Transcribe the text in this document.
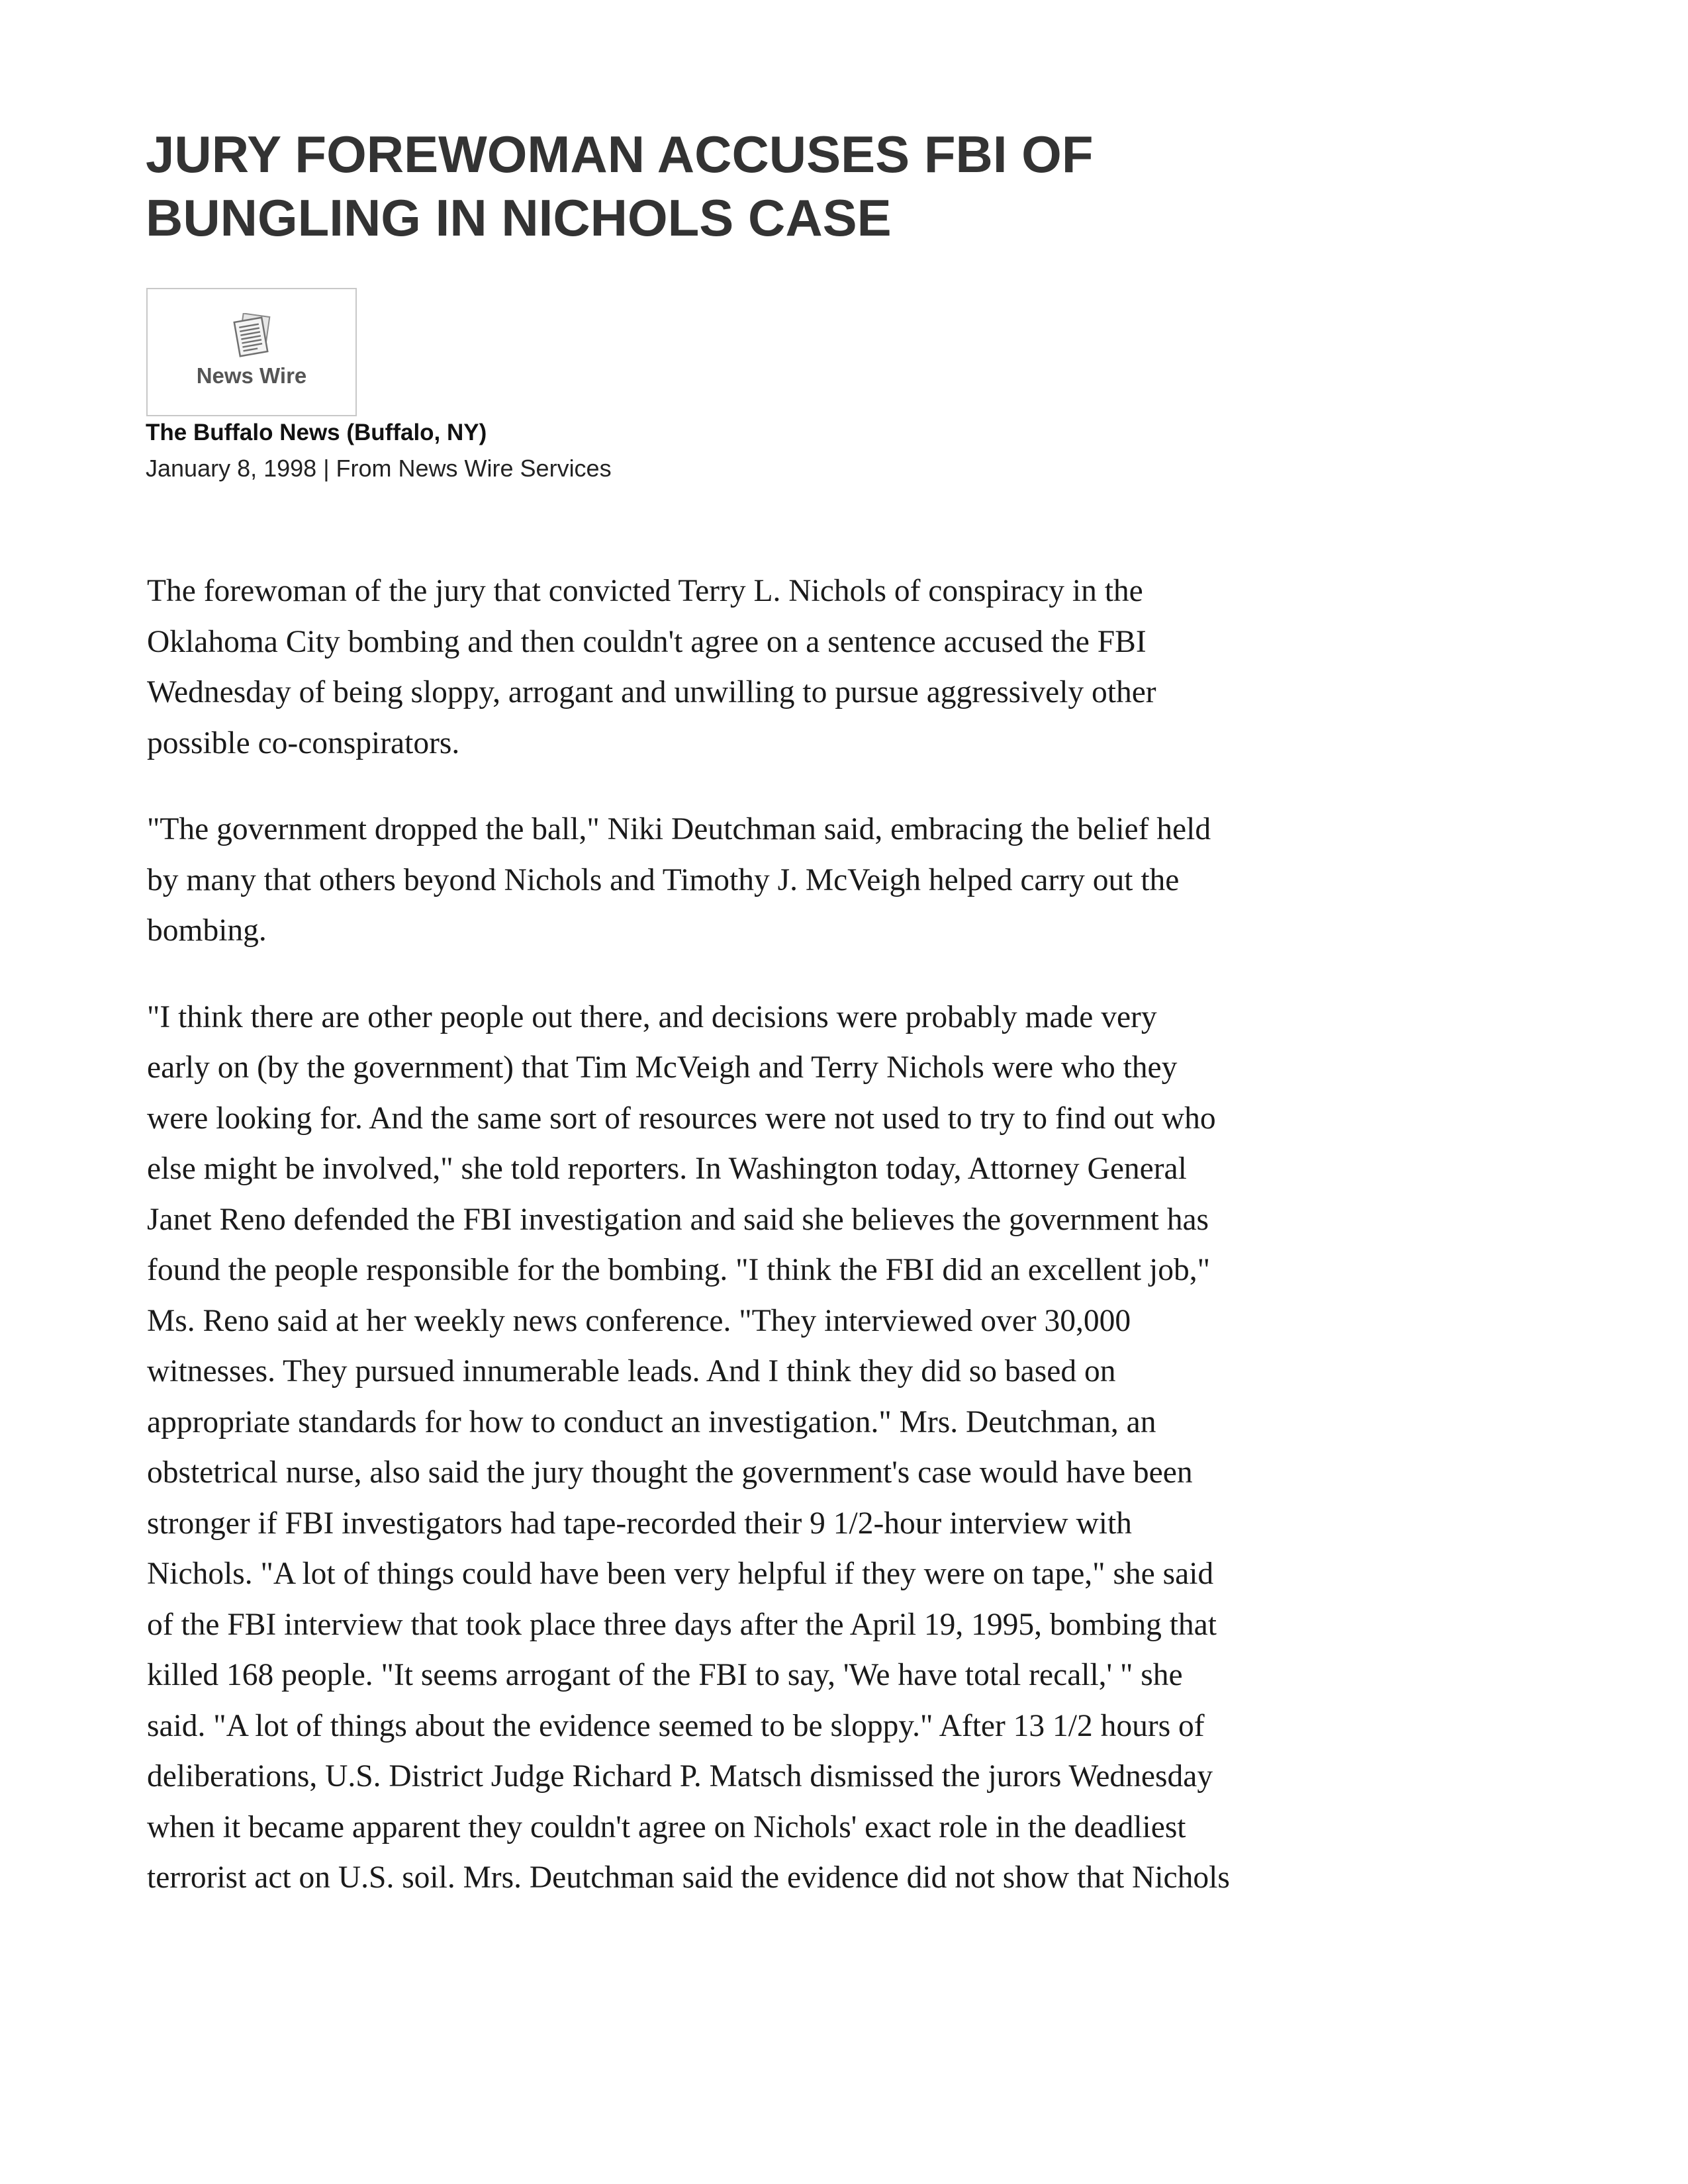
JURY FOREWOMAN ACCUSES FBI OF
BUNGLING IN NICHOLS CASE
News Wire
The Buffalo News (Buffalo, NY)
January 8, 1998 | From News Wire Services

The forewoman of the jury that convicted Terry L. Nichols of conspiracy in the
Oklahoma City bombing and then couldn't agree on a sentence accused the FBI
Wednesday of being sloppy, arrogant and unwilling to pursue aggressively other
possible co-conspirators.

"The government dropped the ball," Niki Deutchman said, embracing the belief held
by many that others beyond Nichols and Timothy J. McVeigh helped carry out the
bombing.

"I think there are other people out there, and decisions were probably made very
early on (by the government) that Tim McVeigh and Terry Nichols were who they
were looking for. And the same sort of resources were not used to try to find out who
else might be involved," she told reporters. In Washington today, Attorney General
Janet Reno defended the FBI investigation and said she believes the government has
found the people responsible for the bombing. "I think the FBI did an excellent job,"
Ms. Reno said at her weekly news conference. "They interviewed over 30,000
witnesses. They pursued innumerable leads. And I think they did so based on
appropriate standards for how to conduct an investigation." Mrs. Deutchman, an
obstetrical nurse, also said the jury thought the government's case would have been
stronger if FBI investigators had tape-recorded their 9 1/2-hour interview with
Nichols. "A lot of things could have been very helpful if they were on tape," she said
of the FBI interview that took place three days after the April 19, 1995, bombing that
killed 168 people. "It seems arrogant of the FBI to say, 'We have total recall,' " she
said. "A lot of things about the evidence seemed to be sloppy." After 13 1/2 hours of
deliberations, U.S. District Judge Richard P. Matsch dismissed the jurors Wednesday
when it became apparent they couldn't agree on Nichols' exact role in the deadliest
terrorist act on U.S. soil. Mrs. Deutchman said the evidence did not show that Nichols
